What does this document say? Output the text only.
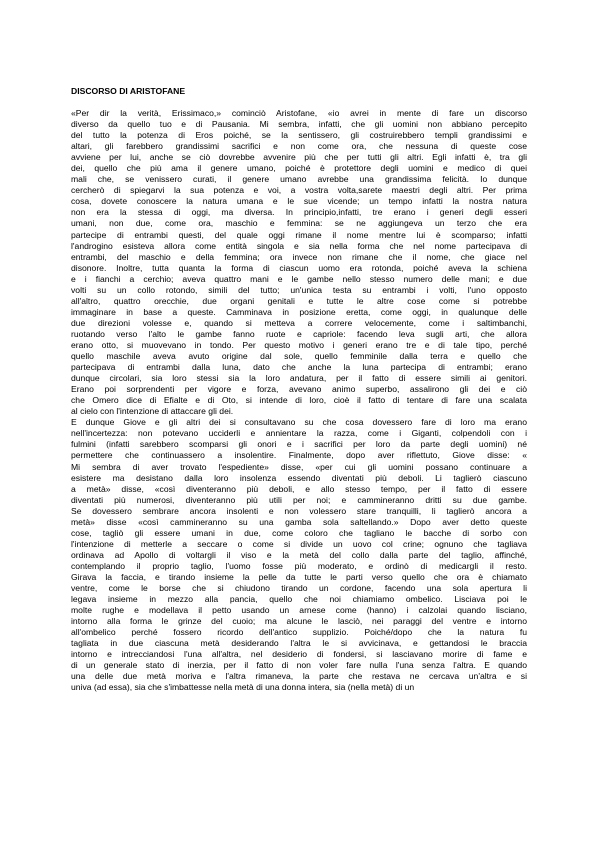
DISCORSO DI ARISTOFANE
«Per dir la verità, Erissimaco,» cominciò Aristofane, «io avrei in mente di fare un discorso
diverso da quello tuo e di Pausania. Mi sembra, infatti, che gli uomini non abbiano percepito
del tutto la potenza di Eros poiché, se la sentissero, gli costruirebbero templi grandissimi e
altari, gli farebbero grandissimi sacrifici e non come ora, che nessuna di queste cose
avviene per lui, anche se ciò dovrebbe avvenire più che per tutti gli altri. Egli infatti è, tra gli
dei, quello che più ama il genere umano, poiché è protettore degli uomini e medico di quei
mali che, se venissero curati, il genere umano avrebbe una grandissima felicità. Io dunque
cercherò di spiegarvi la sua potenza e voi, a vostra volta,sarete maestri degli altri. Per prima
cosa, dovete conoscere la natura umana e le sue vicende; un tempo infatti la nostra natura
non era la stessa di oggi, ma diversa. In principio,infatti, tre erano i generi degli esseri
umani, non due, come ora, maschio e femmina: se ne aggiungeva un terzo che era
partecipe di entrambi questi, del quale oggi rimane il nome mentre lui è scomparso; infatti
l'androgino esisteva allora come entità singola e sia nella forma che nel nome partecipava di
entrambi, del maschio e della femmina; ora invece non rimane che il nome, che giace nel
disonore. Inoltre, tutta quanta la forma di ciascun uomo era rotonda, poiché aveva la schiena
e i fianchi a cerchio; aveva quattro mani e le gambe nello stesso numero delle mani; e due
volti su un collo rotondo, simili del tutto; un'unica testa su entrambi i volti, l'uno opposto
all'altro, quattro orecchie, due organi genitali e tutte le altre cose come si potrebbe
immaginare in base a queste. Camminava in posizione eretta, come oggi, in qualunque delle
due direzioni volesse e, quando si metteva a correre velocemente, come i saltimbanchi,
ruotando verso l'alto le gambe fanno ruote e capriole: facendo leva sugli arti, che allora
erano otto, si muovevano in tondo. Per questo motivo i generi erano tre e di tale tipo, perché
quello maschile aveva avuto origine dal sole, quello femminile dalla terra e quello che
partecipava di entrambi dalla luna, dato che anche la luna partecipa di entrambi; erano
dunque circolari, sia loro stessi sia la loro andatura, per il fatto di essere simili ai genitori.
Erano poi sorprendenti per vigore e forza, avevano animo superbo, assalirono gli dei e ciò
che Omero dice di Efialte e di Oto, si intende di loro, cioè il fatto di tentare di fare una scalata
al cielo con l'intenzione di attaccare gli dei.
E dunque Giove e gli altri dei si consultavano su che cosa dovessero fare di loro ma erano
nell'incertezza: non potevano ucciderli e annientare la razza, come i Giganti, colpendoli con i
fulmini (infatti sarebbero scomparsi gli onori e i sacrifici per loro da parte degli uomini) né
permettere che continuassero a insolentire. Finalmente, dopo aver riflettuto, Giove disse: «
Mi sembra di aver trovato l'espediente» disse, «per cui gli uomini possano continuare a
esistere ma desistano dalla loro insolenza essendo diventati più deboli. Li taglierò ciascuno
a metà» disse, «così diventeranno più deboli, e allo stesso tempo, per il fatto di essere
diventati più numerosi, diventeranno più utili per noi; e cammineranno dritti su due gambe.
Se dovessero sembrare ancora insolenti e non volessero stare tranquilli, li taglierò ancora a
metà» disse «così cammineranno su una gamba sola saltellando.» Dopo aver detto queste
cose, tagliò gli essere umani in due, come coloro che tagliano le bacche di sorbo con
l'intenzione di metterle a seccare o come si divide un uovo col crine; ognuno che tagliava
ordinava ad Apollo di voltargli il viso e la metà del collo dalla parte del taglio, affinché,
contemplando il proprio taglio, l'uomo fosse più moderato, e ordinò di medicargli il resto.
Girava la faccia, e tirando insieme la pelle da tutte le parti verso quello che ora è chiamato
ventre, come le borse che si chiudono tirando un cordone, facendo una sola apertura li
legava insieme in mezzo alla pancia, quello che noi chiamiamo ombelico. Lisciava poi le
molte rughe e modellava il petto usando un arnese come (hanno) i calzolai quando lisciano,
intorno alla forma le grinze del cuoio; ma alcune le lasciò, nei paraggi del ventre e intorno
all'ombelico perché fossero ricordo dell'antico supplizio. Poiché/dopo che la natura fu
tagliata in due ciascuna metà desiderando l'altra le si avvicinava, e gettandosi le braccia
intorno e intrecciandosi l'una all'altra, nel desiderio di fondersi, si lasciavano morire di fame e
di un generale stato di inerzia, per il fatto di non voler fare nulla l'una senza l'altra. E quando
una delle due metà moriva e l'altra rimaneva, la parte che restava ne cercava un'altra e si
univa (ad essa), sia che s'imbattesse nella metà di una donna intera, sia (nella metà) di un
